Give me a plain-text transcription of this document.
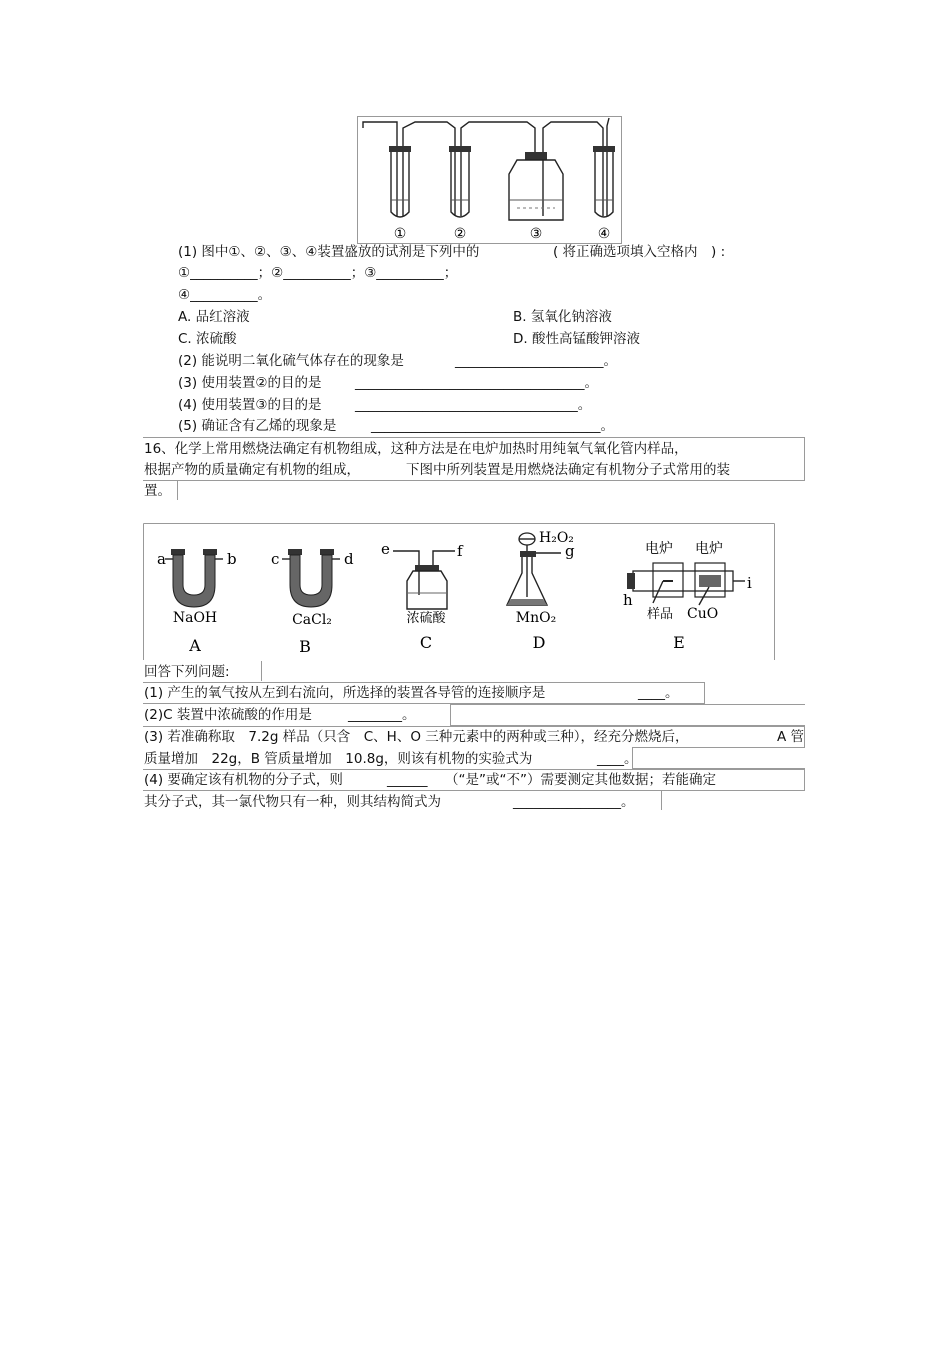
①	②	③	④
(1) 图中①、②、③、④装置盛放的试剂是下列中的	( 将正确选项填入空格内　) :
①__________；②__________；③__________；
④__________。
A. 品红溶液	B. 氢氧化钠溶液
C. 浓硫酸	D. 酸性高锰酸钾溶液
(2) 能说明二氧化硫气体存在的现象是	______________________。
(3) 使用装置②的目的是 __________________________________。
(4) 使用装置③的目的是 _________________________________。
(5) 确证含有乙烯的现象是	__________________________________。
16、化学上常用燃烧法确定有机物组成，这种方法是在电炉加热时用纯氧气氧化管内样品，
根据产物的质量确定有机物的组成，	下图中所列装置是用燃烧法确定有机物分子式常用的装
置。
a	b
NaOH
A
c	d
CaCl₂
B
e	f
浓硫酸
C
H₂O₂
g
MnO₂
D
电炉 电炉
h
i
样品 CuO
E
回答下列问题:
(1) 产生的氧气按从左到右流向，所选择的装置各导管的连接顺序是	____。
(2)C 装置中浓硫酸的作用是	________。
(3) 若准确称取　7.2g 样品（只含　C、H、O 三种元素中的两种或三种），经充分燃烧后，	A 管
质量增加　22g，B 管质量增加　10.8g，则该有机物的实验式为	____。
(4) 要确定该有机物的分子式，则	______ （“是”或“不”）需要测定其他数据；若能确定
其分子式，其一氯代物只有一种，则其结构简式为	________________。
